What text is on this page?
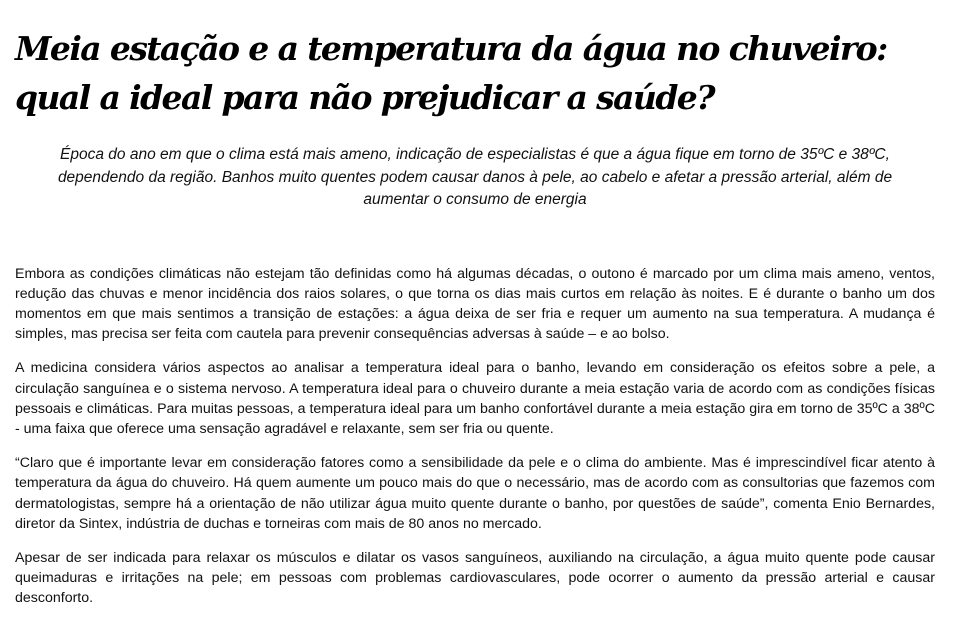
Meia estação e a temperatura da água no chuveiro: qual a ideal para não prejudicar a saúde?

Época do ano em que o clima está mais ameno, indicação de especialistas é que a água fique em torno de 35ºC e 38ºC, dependendo da região. Banhos muito quentes podem causar danos à pele, ao cabelo e afetar a pressão arterial, além de aumentar o consumo de energia

Embora as condições climáticas não estejam tão definidas como há algumas décadas, o outono é marcado por um clima mais ameno, ventos, redução das chuvas e menor incidência dos raios solares, o que torna os dias mais curtos em relação às noites. E é durante o banho um dos momentos em que mais sentimos a transição de estações: a água deixa de ser fria e requer um aumento na sua temperatura. A mudança é simples, mas precisa ser feita com cautela para prevenir consequências adversas à saúde – e ao bolso.

A medicina considera vários aspectos ao analisar a temperatura ideal para o banho, levando em consideração os efeitos sobre a pele, a circulação sanguínea e o sistema nervoso. A temperatura ideal para o chuveiro durante a meia estação varia de acordo com as condições físicas pessoais e climáticas. Para muitas pessoas, a temperatura ideal para um banho confortável durante a meia estação gira em torno de 35ºC a 38ºC - uma faixa que oferece uma sensação agradável e relaxante, sem ser fria ou quente.

“Claro que é importante levar em consideração fatores como a sensibilidade da pele e o clima do ambiente. Mas é imprescindível ficar atento à temperatura da água do chuveiro. Há quem aumente um pouco mais do que o necessário, mas de acordo com as consultorias que fazemos com dermatologistas, sempre há a orientação de não utilizar água muito quente durante o banho, por questões de saúde”, comenta Enio Bernardes, diretor da Sintex, indústria de duchas e torneiras com mais de 80 anos no mercado.

Apesar de ser indicada para relaxar os músculos e dilatar os vasos sanguíneos, auxiliando na circulação, a água muito quente pode causar queimaduras e irritações na pele; em pessoas com problemas cardiovasculares, pode ocorrer o aumento da pressão arterial e causar desconforto.
